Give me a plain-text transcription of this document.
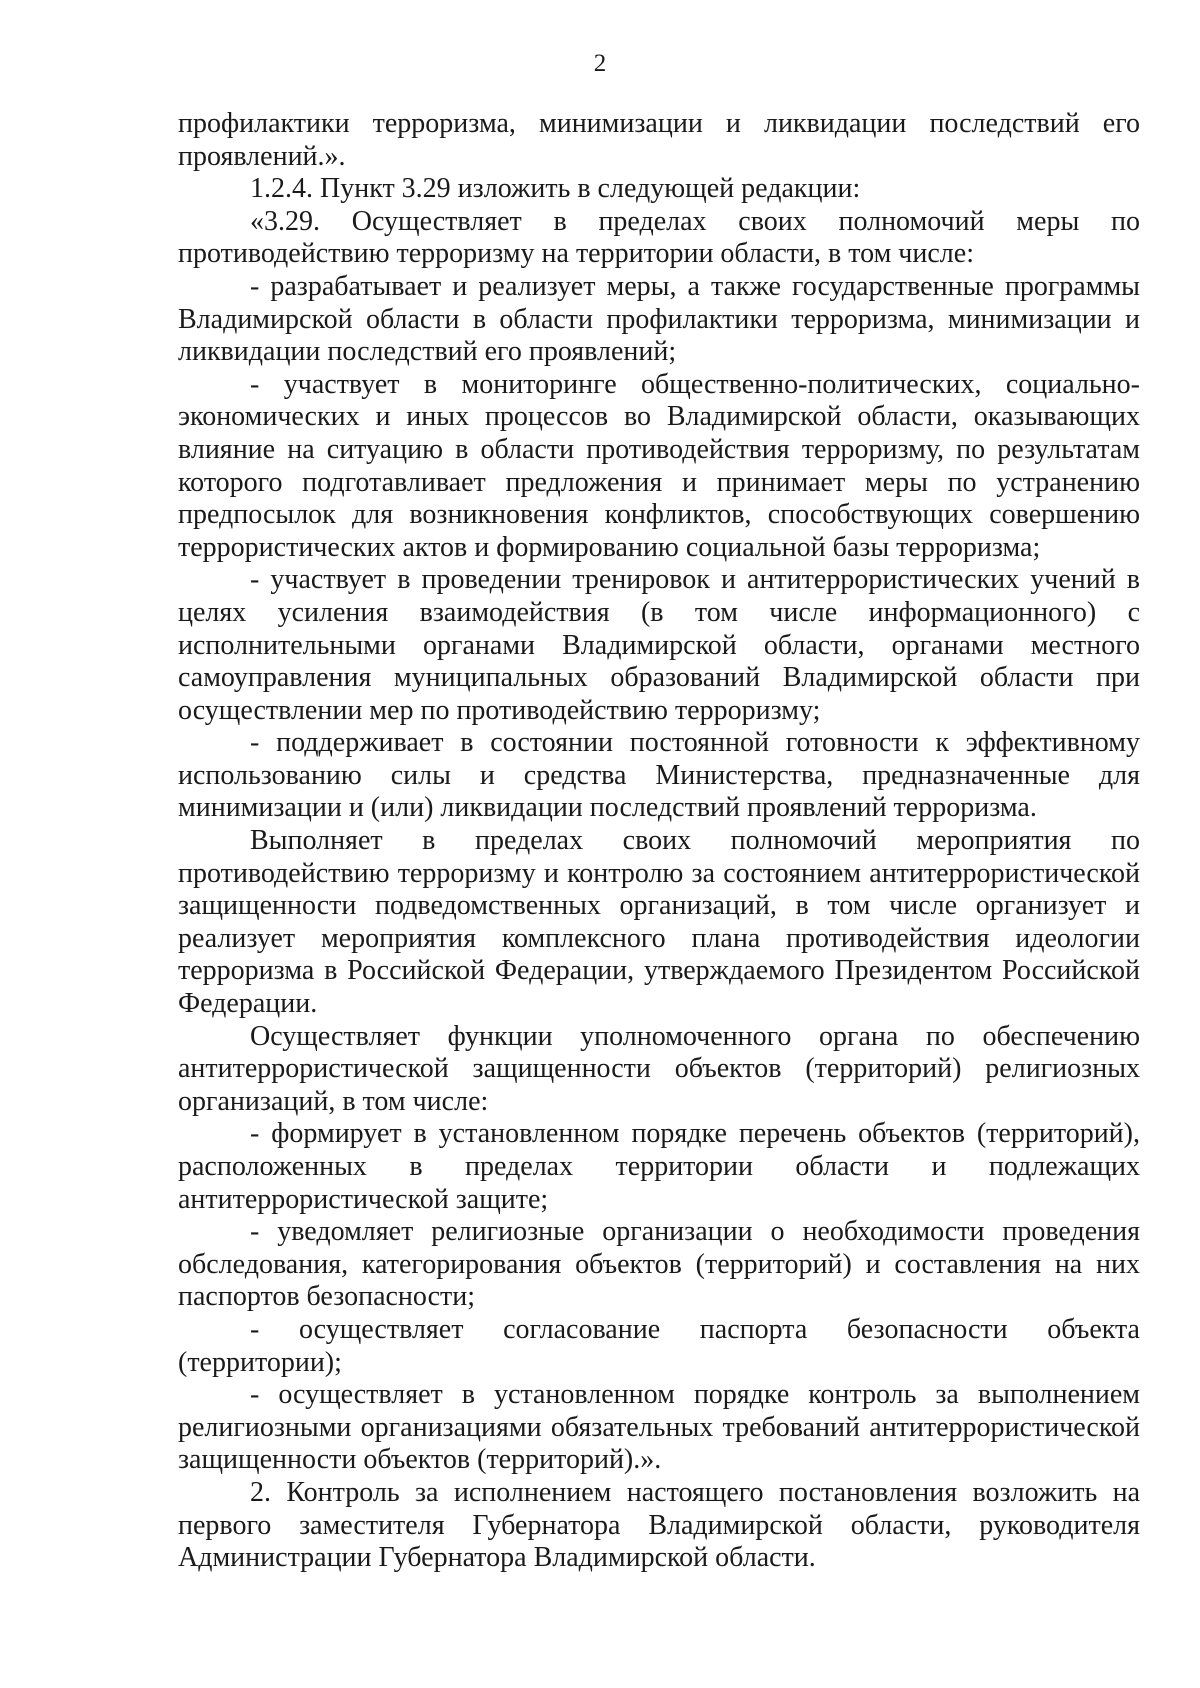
2

профилактики терроризма, минимизации и ликвидации последствий его проявлений.».

1.2.4. Пункт 3.29 изложить в следующей редакции:

«3.29. Осуществляет в пределах своих полномочий меры по противодействию терроризму на территории области, в том числе:

- разрабатывает и реализует меры, а также государственные программы Владимирской области в области профилактики терроризма, минимизации и ликвидации последствий его проявлений;

- участвует в мониторинге общественно-политических, социально-экономических и иных процессов во Владимирской области, оказывающих влияние на ситуацию в области противодействия терроризму, по результатам которого подготавливает предложения и принимает меры по устранению предпосылок для возникновения конфликтов, способствующих совершению террористических актов и формированию социальной базы терроризма;

- участвует в проведении тренировок и антитеррористических учений в целях усиления взаимодействия (в том числе информационного) с исполнительными органами Владимирской области, органами местного самоуправления муниципальных образований Владимирской области при осуществлении мер по противодействию терроризму;

- поддерживает в состоянии постоянной готовности к эффективному использованию силы и средства Министерства, предназначенные для минимизации и (или) ликвидации последствий проявлений терроризма.

Выполняет в пределах своих полномочий мероприятия по противодействию терроризму и контролю за состоянием антитеррористической защищенности подведомственных организаций, в том числе организует и реализует мероприятия комплексного плана противодействия идеологии терроризма в Российской Федерации, утверждаемого Президентом Российской Федерации.

Осуществляет функции уполномоченного органа по обеспечению антитеррористической защищенности объектов (территорий) религиозных организаций, в том числе:

- формирует в установленном порядке перечень объектов (территорий), расположенных в пределах территории области и подлежащих антитеррористической защите;

- уведомляет религиозные организации о необходимости проведения обследования, категорирования объектов (территорий) и составления на них паспортов безопасности;

- осуществляет согласование паспорта безопасности объекта (территории);

- осуществляет в установленном порядке контроль за выполнением религиозными организациями обязательных требований антитеррористической защищенности объектов (территорий).».

2. Контроль за исполнением настоящего постановления возложить на первого заместителя Губернатора Владимирской области, руководителя Администрации Губернатора Владимирской области.
